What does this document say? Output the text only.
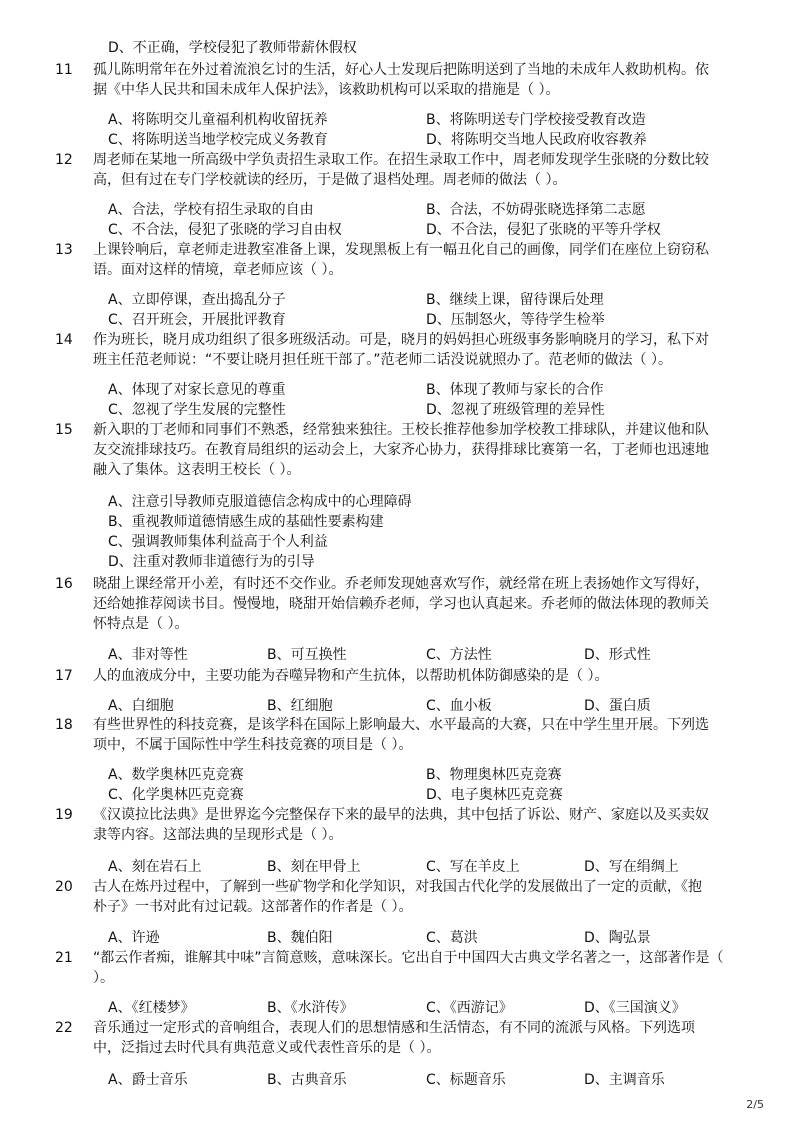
D、不正确，学校侵犯了教师带薪休假权
11 孤儿陈明常年在外过着流浪乞讨的生活，好心人士发现后把陈明送到了当地的未成年人救助机构。依
据《中华人民共和国未成年人保护法》，该救助机构可以采取的措施是（ ）。
A、将陈明交儿童福利机构收留抚养	B、将陈明送专门学校接受教育改造
C、将陈明送当地学校完成义务教育	D、将陈明交当地人民政府收容教养
12 周老师在某地一所高级中学负责招生录取工作。在招生录取工作中，周老师发现学生张晓的分数比较
高，但有过在专门学校就读的经历，于是做了退档处理。周老师的做法（ ）。
A、合法，学校有招生录取的自由	B、合法，不妨碍张晓选择第二志愿
C、不合法，侵犯了张晓的学习自由权	D、不合法，侵犯了张晓的平等升学权
13 上课铃响后，章老师走进教室准备上课，发现黑板上有一幅丑化自己的画像，同学们在座位上窃窃私
语。面对这样的情境，章老师应该（ ）。
A、立即停课，查出捣乱分子	B、继续上课，留待课后处理
C、召开班会，开展批评教育	D、压制怒火，等待学生检举
14 作为班长，晓月成功组织了很多班级活动。可是，晓月的妈妈担心班级事务影响晓月的学习，私下对
班主任范老师说：“不要让晓月担任班干部了。”范老师二话没说就照办了。范老师的做法（ ）。
A、体现了对家长意见的尊重	B、体现了教师与家长的合作
C、忽视了学生发展的完整性	D、忽视了班级管理的差异性
15 新入职的丁老师和同事们不熟悉，经常独来独往。王校长推荐他参加学校教工排球队，并建议他和队
友交流排球技巧。在教育局组织的运动会上，大家齐心协力，获得排球比赛第一名，丁老师也迅速地
融入了集体。这表明王校长（ ）。
A、注意引导教师克服道德信念构成中的心理障碍
B、重视教师道德情感生成的基础性要素构建
C、强调教师集体利益高于个人利益
D、注重对教师非道德行为的引导
16 晓甜上课经常开小差，有时还不交作业。乔老师发现她喜欢写作，就经常在班上表扬她作文写得好，
还给她推荐阅读书目。慢慢地，晓甜开始信赖乔老师，学习也认真起来。乔老师的做法体现的教师关
怀特点是（ ）。
A、非对等性	B、可互换性	C、方法性	D、形式性
17 人的血液成分中，主要功能为吞噬异物和产生抗体，以帮助机体防御感染的是（ ）。
A、白细胞	B、红细胞	C、血小板	D、蛋白质
18 有些世界性的科技竞赛，是该学科在国际上影响最大、水平最高的大赛，只在中学生里开展。下列选
项中，不属于国际性中学生科技竞赛的项目是（ ）。
A、数学奥林匹克竞赛	B、物理奥林匹克竞赛
C、化学奥林匹克竞赛	D、电子奥林匹克竞赛
19 《汉谟拉比法典》是世界迄今完整保存下来的最早的法典，其中包括了诉讼、财产、家庭以及买卖奴
隶等内容。这部法典的呈现形式是（ ）。
A、刻在岩石上	B、刻在甲骨上	C、写在羊皮上	D、写在绢绸上
20 古人在炼丹过程中，了解到一些矿物学和化学知识，对我国古代化学的发展做出了一定的贡献，《抱
朴子》一书对此有过记载。这部著作的作者是（ ）。
A、许逊	B、魏伯阳	C、葛洪	D、陶弘景
21 “都云作者痴，谁解其中味”言简意赅，意味深长。它出自于中国四大古典文学名著之一，这部著作是（
）。
A、《红楼梦》	B、《水浒传》	C、《西游记》	D、《三国演义》
22 音乐通过一定形式的音响组合，表现人们的思想情感和生活情态，有不同的流派与风格。下列选项
中，泛指过去时代具有典范意义或代表性音乐的是（ ）。
A、爵士音乐	B、古典音乐	C、标题音乐	D、主调音乐
2/5
